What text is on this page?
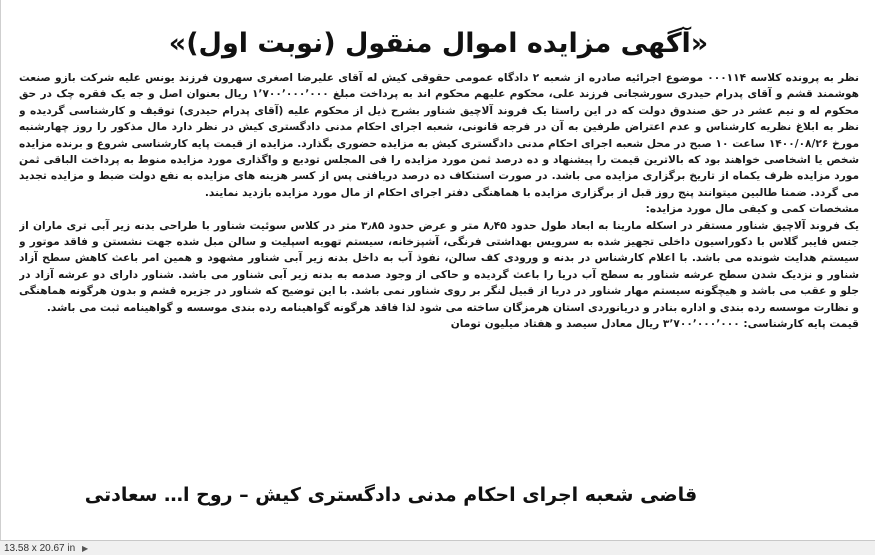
«آگهی مزایده اموال منقول (نوبت اول)»

نظر به پرونده کلاسه ۰۰۰۱۱۴ موضوع اجرائیه صادره از شعبه ۲ دادگاه عمومی حقوقی کیش له آقای علیرضا اصغری سهرون فرزند یونس علیه شرکت بازو صنعت هوشمند قشم و آقای پدرام حیدری سورشجانی فرزند علی، محکوم علیهم محکوم اند به پرداخت مبلغ ۱٬۷۰۰٬۰۰۰٬۰۰۰ ریال بعنوان اصل و جه یک فقره چک در حق محکوم له و نیم عشر در حق صندوق دولت که در این راستا یک فروند آلاچیق شناور بشرح ذیل از محکوم علیه (آقای پدرام حیدری) توقیف و کارشناسی گردیده و نظر به ابلاغ نظریه کارشناس و عدم اعتراض طرفین به آن در فرجه قانونی، شعبه اجرای احکام مدنی دادگستری کیش در نظر دارد مال مذکور را روز چهارشنبه مورخ ۱۴۰۰/۰۸/۲۶ ساعت ۱۰ صبح در محل شعبه اجرای احکام مدنی دادگستری کیش به مزایده حضوری بگذارد. مزایده از قیمت پایه کارشناسی شروع و برنده مزایده شخص یا اشخاصی خواهند بود که بالاترین قیمت را پیشنهاد و ده درصد ثمن مورد مزایده را فی المجلس تودیع و واگذاری مورد مزایده منوط به پرداخت الباقی ثمن مورد مزایده ظرف یکماه از تاریخ برگزاری مزایده می باشد. در صورت استنکاف ده درصد دریافتی پس از کسر هزینه های مزایده به نفع دولت ضبط و مزایده تجدید می گردد. ضمنا طالبین میتوانند پنج روز قبل از برگزاری مزایده با هماهنگی دفتر اجرای احکام از مال مورد مزایده بازدید نمایند.

مشخصات کمی و کیفی مال مورد مزایده:

یک فروند آلاچیق شناور مستقر در اسکله مارینا به ابعاد طول حدود ۸٫۴۵ متر و عرض حدود ۳٫۸۵ متر در کلاس سوئیت شناور با طراحی بدنه زیر آبی تری ماران از جنس فایبر گلاس با دکوراسیون داخلی تجهیز شده به سرویس بهداشتی فرنگی، آشپزخانه، سیستم تهویه اسپلیت و سالن مبل شده جهت نشستن و فاقد موتور و سیستم هدایت شونده می باشد. با اعلام کارشناس در بدنه و ورودی کف سالن، نفوذ آب به داخل بدنه زیر آبی شناور مشهود و همین امر باعث کاهش سطح آزاد شناور و نزدیک شدن سطح عرشه شناور به سطح آب دریا را باعث گردیده و حاکی از وجود صدمه به بدنه زیر آبی شناور می باشد. شناور دارای دو عرشه آزاد در جلو و عقب می باشد و هیچگونه سیستم مهار شناور در دریا از قبیل لنگر بر روی شناور نمی باشد. با این توضیح که شناور در جزیره قشم و بدون هرگونه هماهنگی و نظارت موسسه رده بندی و اداره بنادر و دریانوردی استان هرمزگان ساخته می شود لذا فاقد هرگونه گواهینامه رده بندی موسسه و گواهینامه ثبت می باشد.

قیمت پایه کارشناسی: ۳٬۷۰۰٬۰۰۰٬۰۰۰ ریال معادل سیصد و هفتاد میلیون تومان

قاضی شعبه اجرای احکام مدنی دادگستری کیش – روح ا… سعادتی
13.58 x 20.67 in ▶
